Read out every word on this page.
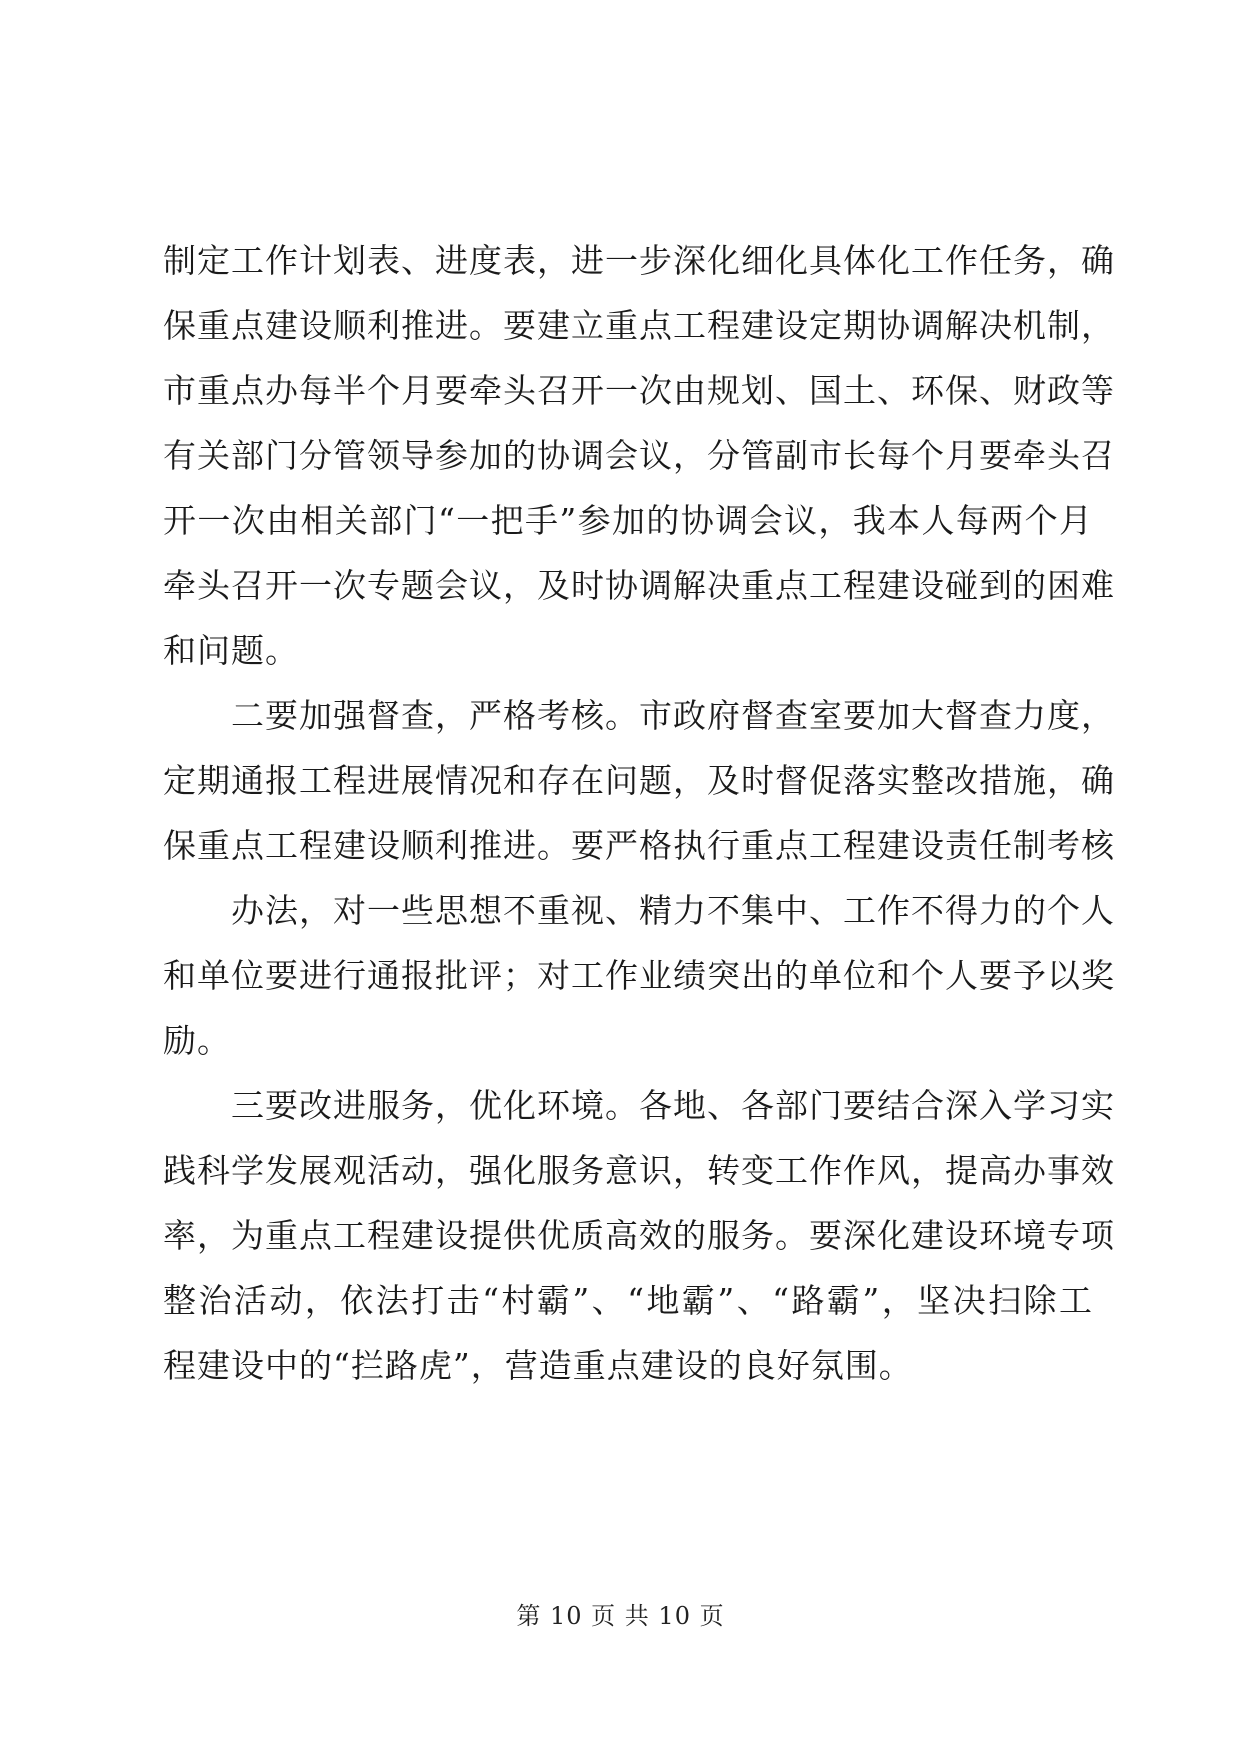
制定工作计划表、进度表，进一步深化细化具体化工作任务，确
保重点建设顺利推进。要建立重点工程建设定期协调解决机制，
市重点办每半个月要牵头召开一次由规划、国土、环保、财政等
有关部门分管领导参加的协调会议，分管副市长每个月要牵头召
开一次由相关部门“一把手”参加的协调会议，我本人每两个月
牵头召开一次专题会议，及时协调解决重点工程建设碰到的困难
和问题。
二要加强督查，严格考核。市政府督查室要加大督查力度，
定期通报工程进展情况和存在问题，及时督促落实整改措施，确
保重点工程建设顺利推进。要严格执行重点工程建设责任制考核
办法，对一些思想不重视、精力不集中、工作不得力的个人
和单位要进行通报批评；对工作业绩突出的单位和个人要予以奖
励。
三要改进服务，优化环境。各地、各部门要结合深入学习实
践科学发展观活动，强化服务意识，转变工作作风，提高办事效
率，为重点工程建设提供优质高效的服务。要深化建设环境专项
整治活动，依法打击“村霸”、“地霸”、“路霸”，坚决扫除工
程建设中的“拦路虎”，营造重点建设的良好氛围。
第 10 页 共 10 页
